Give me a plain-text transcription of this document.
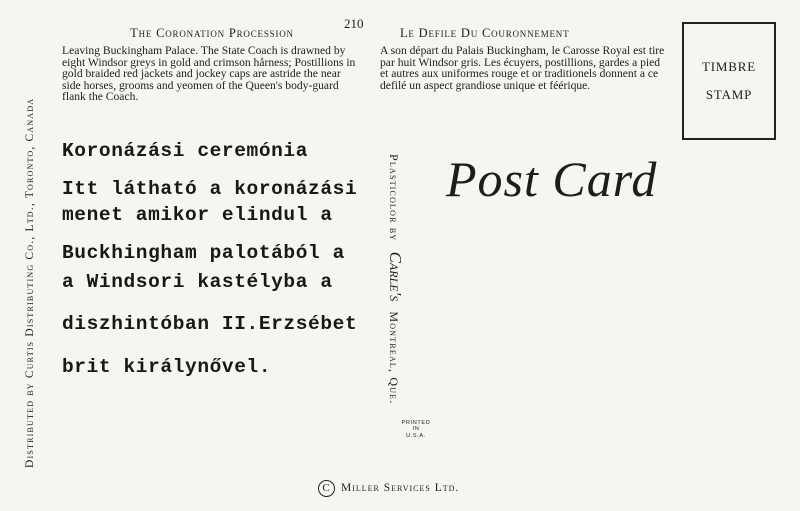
Distributed by Curtis Distributing Co., Ltd., Toronto, Canada
210
The Coronation Procession
Leaving Buckingham Palace. The State Coach is drawned by eight Windsor greys in gold and crimson hårness; Postillions in gold braided red jackets and jockey caps are astride the near side horses, grooms and yeomen of the Queen's body-guard flank the Coach.
Le Defile Du Couronnement
A son départ du Palais Buckingham, le Carosse Royal est tire par huit Windsor gris. Les écuyers, postillions, gardes a pied et autres aux uniformes rouge et or traditionels donnent a ce defilé un aspect grandiose unique et féérique.
TIMBRE
STAMP
Koronázási ceremónia
Itt látható a koronázási
menet amikor elindul a
Buckhingham palotából a
a Windsori kastélyba a
diszhintóban II.Erzsébet
brit királynővel.
Post Card
Plasticolor by Carle's Montreal, Que.
PRINTED
IN
U.S.A.
C Miller Services Ltd.
